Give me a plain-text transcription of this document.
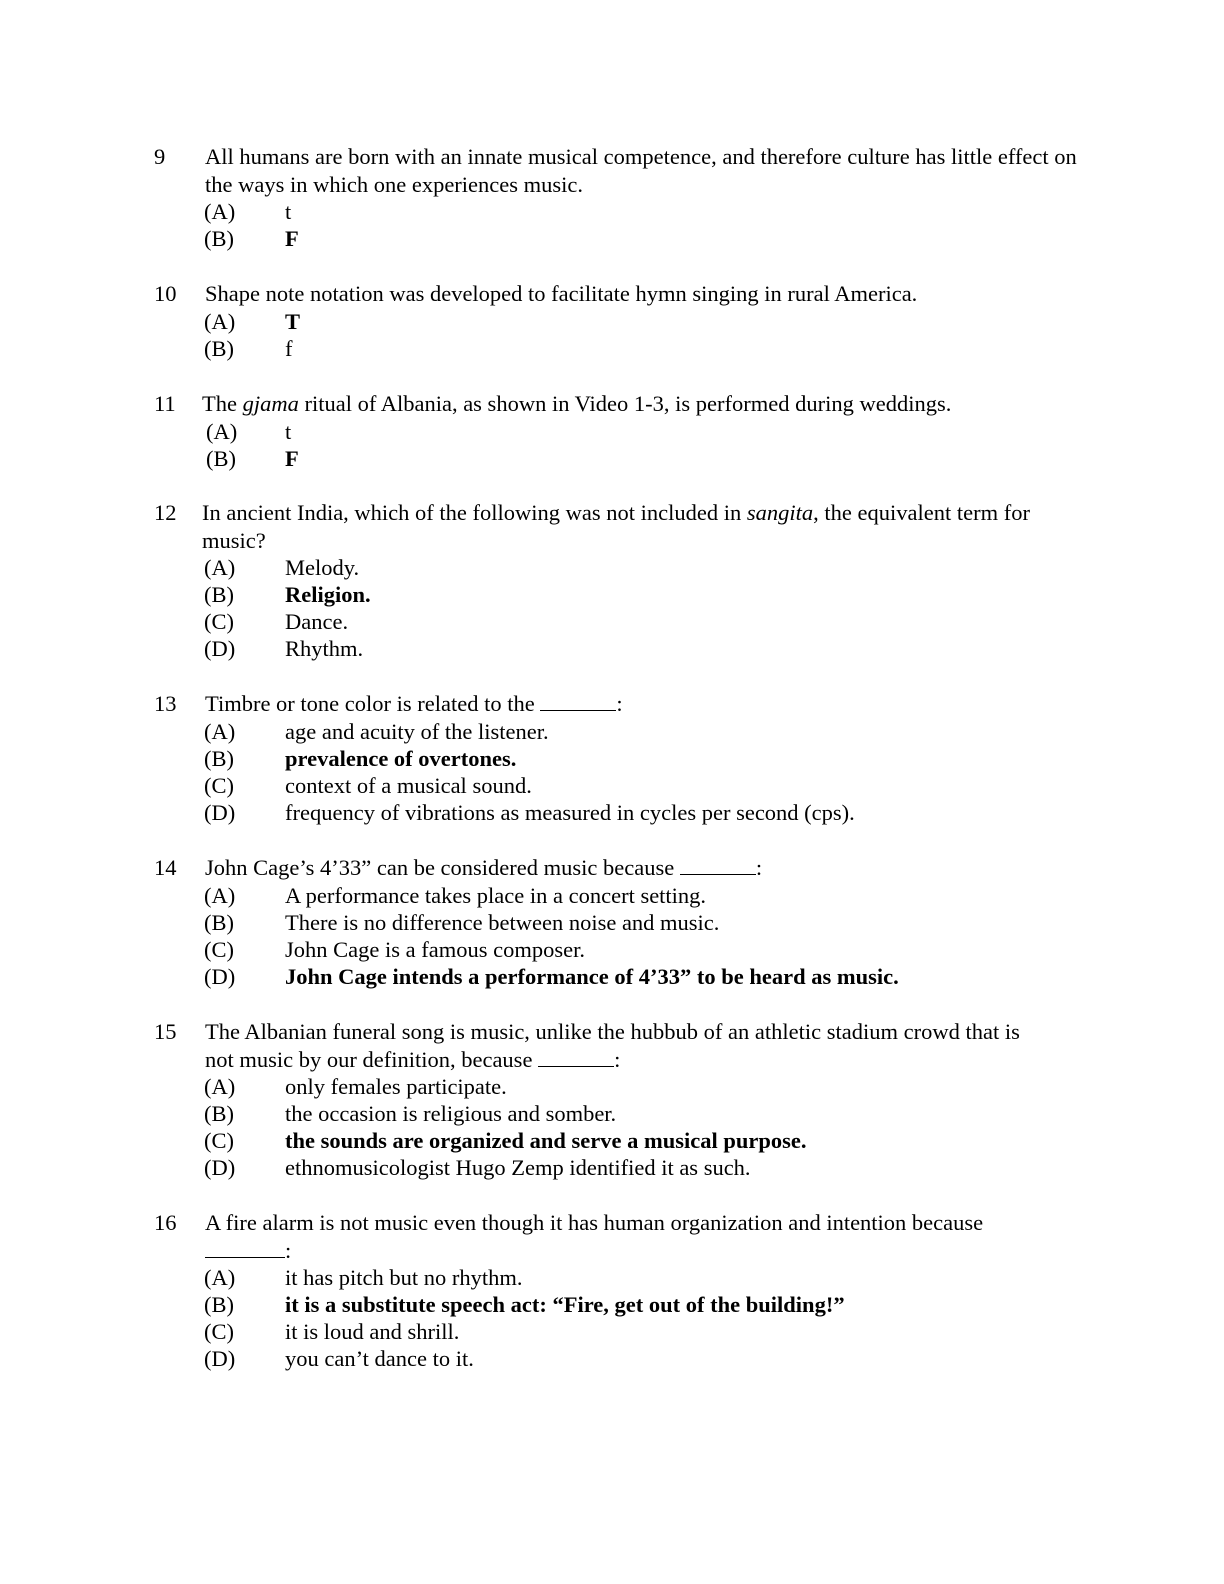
9 All humans are born with an innate musical competence, and therefore culture has little effect on the ways in which one experiences music.
(A) t
(B) F
10 Shape note notation was developed to facilitate hymn singing in rural America.
(A) T
(B) f
11 The gjama ritual of Albania, as shown in Video 1-3, is performed during weddings.
(A) t
(B) F
12 In ancient India, which of the following was not included in sangita, the equivalent term for music?
(A) Melody.
(B) Religion.
(C) Dance.
(D) Rhythm.
13 Timbre or tone color is related to the	:
(A) age and acuity of the listener.
(B) prevalence of overtones.
(C) context of a musical sound.
(D) frequency of vibrations as measured in cycles per second (cps).
14 John Cage’s 4’33” can be considered music because	:
(A) A performance takes place in a concert setting.
(B) There is no difference between noise and music.
(C) John Cage is a famous composer.
(D) John Cage intends a performance of 4’33” to be heard as music.
15 The Albanian funeral song is music, unlike the hubbub of an athletic stadium crowd that is
not music by our definition, because	:
(A) only females participate.
(B) the occasion is religious and somber.
(C) the sounds are organized and serve a musical purpose.
(D) ethnomusicologist Hugo Zemp identified it as such.
16 A fire alarm is not music even though it has human organization and intention because
:
(A) it has pitch but no rhythm.
(B) it is a substitute speech act: “Fire, get out of the building!”
(C) it is loud and shrill.
(D) you can’t dance to it.
